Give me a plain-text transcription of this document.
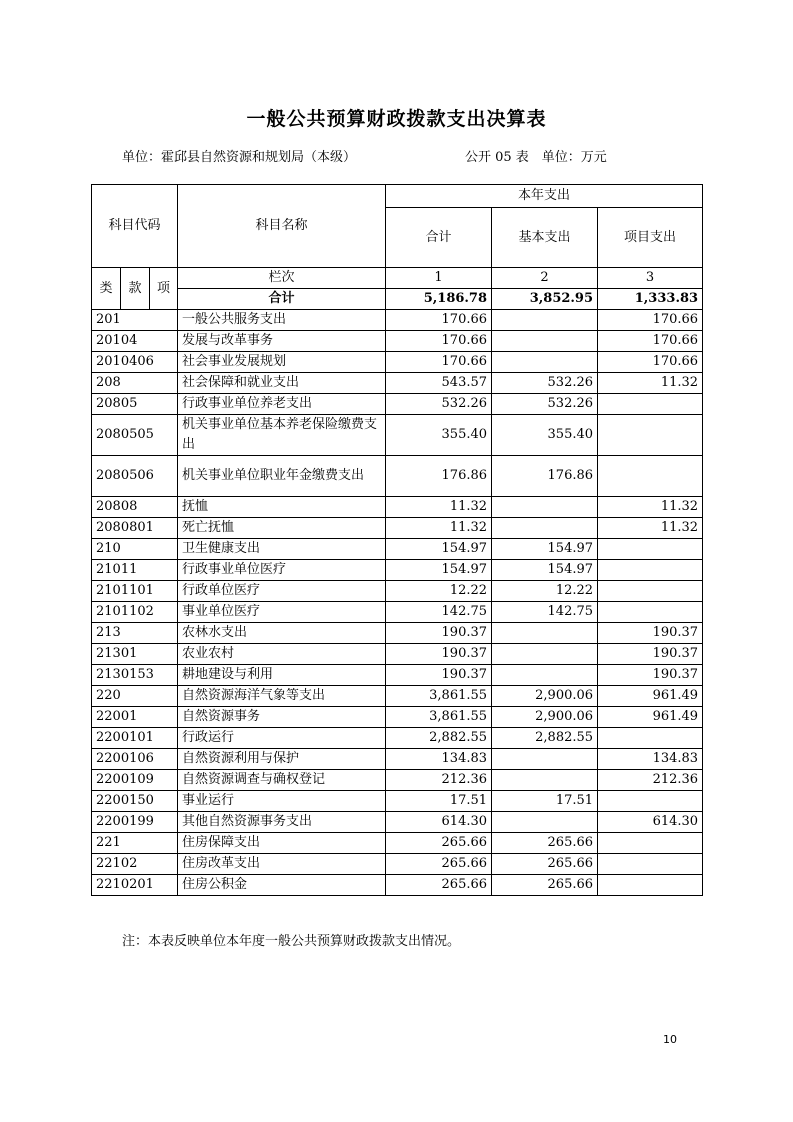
一般公共预算财政拨款支出决算表
单位：霍邱县自然资源和规划局（本级）	公开 05 表　单位：万元
科目代码			科目名称	本年支出		
				合计	基本支出	项目支出
类	款	项	栏次	1	2	3
			合计	5,186.78	3,852.95	1,333.83
201			一般公共服务支出	170.66		170.66
20104			发展与改革事务	170.66		170.66
2010406			社会事业发展规划	170.66		170.66
208			社会保障和就业支出	543.57	532.26	11.32
20805			行政事业单位养老支出	532.26	532.26	
2080505			机关事业单位基本养老保险缴费支出	355.40	355.40	
2080506			机关事业单位职业年金缴费支出	176.86	176.86	
20808			抚恤	11.32		11.32
2080801			死亡抚恤	11.32		11.32
210			卫生健康支出	154.97	154.97	
21011			行政事业单位医疗	154.97	154.97	
2101101			行政单位医疗	12.22	12.22	
2101102			事业单位医疗	142.75	142.75	
213			农林水支出	190.37		190.37
21301			农业农村	190.37		190.37
2130153			耕地建设与利用	190.37		190.37
220			自然资源海洋气象等支出	3,861.55	2,900.06	961.49
22001			自然资源事务	3,861.55	2,900.06	961.49
2200101			行政运行	2,882.55	2,882.55	
2200106			自然资源利用与保护	134.83		134.83
2200109			自然资源调查与确权登记	212.36		212.36
2200150			事业运行	17.51	17.51	
2200199			其他自然资源事务支出	614.30		614.30
221			住房保障支出	265.66	265.66	
22102			住房改革支出	265.66	265.66	
2210201			住房公积金	265.66	265.66	
注：本表反映单位本年度一般公共预算财政拨款支出情况。
10
